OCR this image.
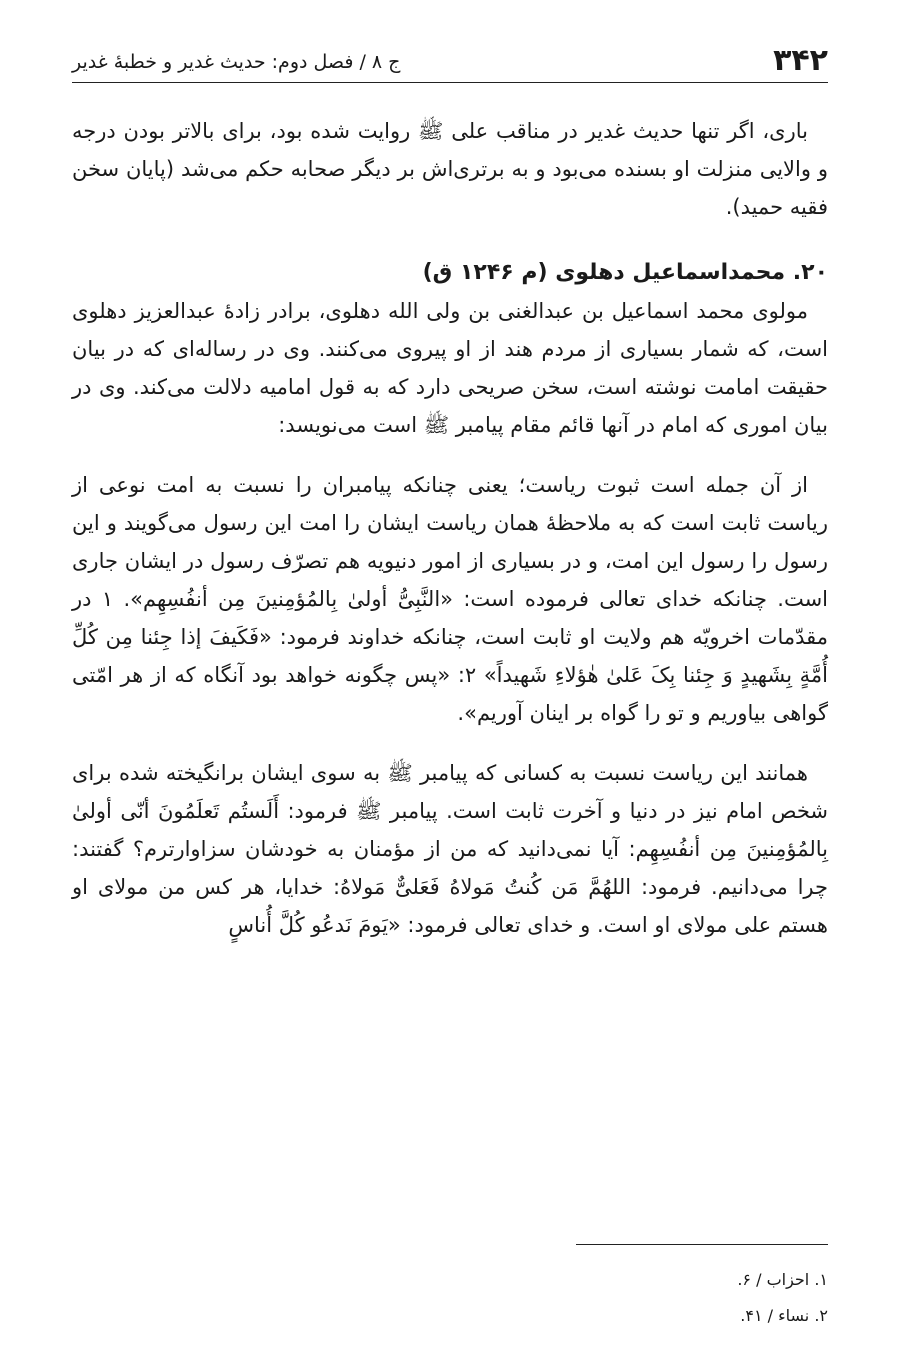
۳۴۲
ج ۸ / فصل دوم: حدیث غدیر و خطبهٔ غدیر

باری، اگر تنها حدیث غدیر در مناقب علی ﷺ روایت شده بود، برای بالاتر بودن درجه و والایی منزلت او بسنده می‌بود و به برتری‌اش بر دیگر صحابه حکم می‌شد (پایان سخن فقیه حمید).

۲۰. محمداسماعیل دهلوی (م ۱۲۴۶ ق)

مولوی محمد اسماعیل بن عبدالغنی بن ولی الله دهلوی، برادر زادهٔ عبدالعزیز دهلوی است، که شمار بسیاری از مردم هند از او پیروی می‌کنند. وی در رساله‌ای که در بیان حقیقت امامت نوشته است، سخن صریحی دارد که به قول امامیه دلالت می‌کند. وی در بیان اموری که امام در آنها قائم مقام پیامبر ﷺ است می‌نویسد:

از آن جمله است ثبوت ریاست؛ یعنی چنانکه پیامبران را نسبت به امت نوعی از ریاست ثابت است که به ملاحظهٔ همان ریاست ایشان را امت این رسول می‌گویند و این رسول را رسول این امت، و در بسیاری از امور دنیویه هم تصرّف رسول در ایشان جاری است. چنانکه خدای تعالی فرموده است: «النَّبِیُّ أولیٰ بِالمُؤمِنینَ مِن أنفُسِهِم». ۱ در مقدّمات اخرویّه هم ولایت او ثابت است، چنانکه خداوند فرمود: «فَکَیفَ إذا جِئنا مِن کُلِّ أُمَّةٍ بِشَهیدٍ وَ جِئنا بِکَ عَلیٰ هٰؤلاءِ شَهیداً» ۲: «پس چگونه خواهد بود آنگاه که از هر امّتی گواهی بیاوریم و تو را گواه بر اینان آوریم».

همانند این ریاست نسبت به کسانی که پیامبر ﷺ به سوی ایشان برانگیخته شده برای شخص امام نیز در دنیا و آخرت ثابت است. پیامبر ﷺ فرمود: أَلَستُم تَعلَمُونَ أنّی أولیٰ بِالمُؤمِنینَ مِن أنفُسِهِم: آیا نمی‌دانید که من از مؤمنان به خودشان سزاوارترم؟ گفتند: چرا می‌دانیم. فرمود: اللهُمَّ مَن کُنتُ مَولاهُ فَعَلیٌّ مَولاهُ: خدایا، هر کس من مولای او هستم علی مولای او است. و خدای تعالی فرمود: «یَومَ نَدعُو کُلَّ أُناسٍ

۱. احزاب / ۶.

۲. نساء / ۴۱.
